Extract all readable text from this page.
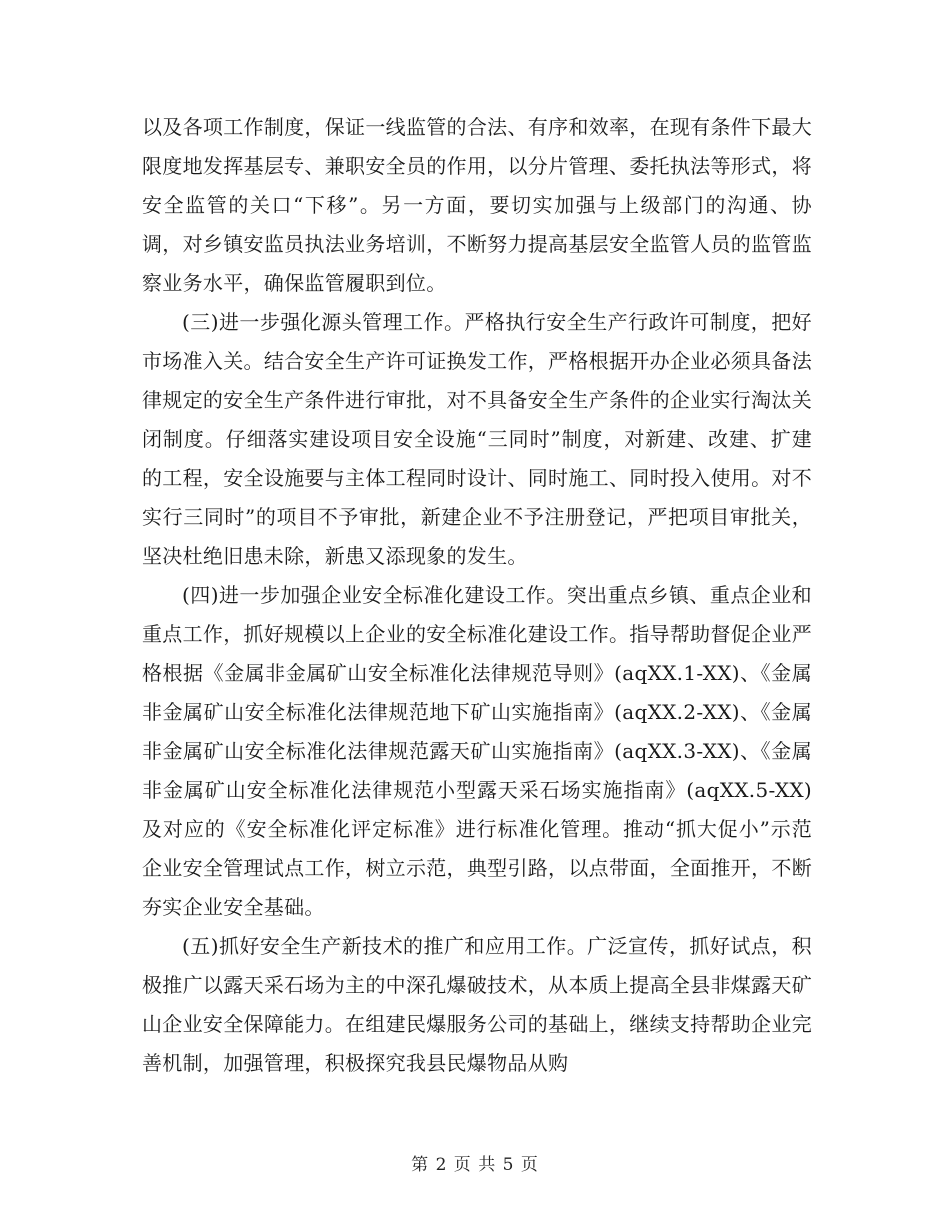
以及各项工作制度，保证一线监管的合法、有序和效率，在现有条件下最大限度地发挥基层专、兼职安全员的作用，以分片管理、委托执法等形式，将安全监管的关口“下移”。另一方面，要切实加强与上级部门的沟通、协调，对乡镇安监员执法业务培训，不断努力提高基层安全监管人员的监管监察业务水平，确保监管履职到位。

(三)进一步强化源头管理工作。严格执行安全生产行政许可制度，把好市场准入关。结合安全生产许可证换发工作，严格根据开办企业必须具备法律规定的安全生产条件进行审批，对不具备安全生产条件的企业实行淘汰关闭制度。仔细落实建设项目安全设施“三同时”制度，对新建、改建、扩建的工程，安全设施要与主体工程同时设计、同时施工、同时投入使用。对不实行三同时”的项目不予审批，新建企业不予注册登记，严把项目审批关，坚决杜绝旧患未除，新患又添现象的发生。

(四)进一步加强企业安全标准化建设工作。突出重点乡镇、重点企业和重点工作，抓好规模以上企业的安全标准化建设工作。指导帮助督促企业严格根据《金属非金属矿山安全标准化法律规范导则》(aqXX.1-XX)、《金属非金属矿山安全标准化法律规范地下矿山实施指南》(aqXX.2-XX)、《金属非金属矿山安全标准化法律规范露天矿山实施指南》(aqXX.3-XX)、《金属非金属矿山安全标准化法律规范小型露天采石场实施指南》(aqXX.5-XX)及对应的《安全标准化评定标准》进行标准化管理。推动“抓大促小”示范企业安全管理试点工作，树立示范，典型引路，以点带面，全面推开，不断夯实企业安全基础。

(五)抓好安全生产新技术的推广和应用工作。广泛宣传，抓好试点，积极推广以露天采石场为主的中深孔爆破技术，从本质上提高全县非煤露天矿山企业安全保障能力。在组建民爆服务公司的基础上，继续支持帮助企业完善机制，加强管理，积极探究我县民爆物品从购

第 2 页 共 5 页
